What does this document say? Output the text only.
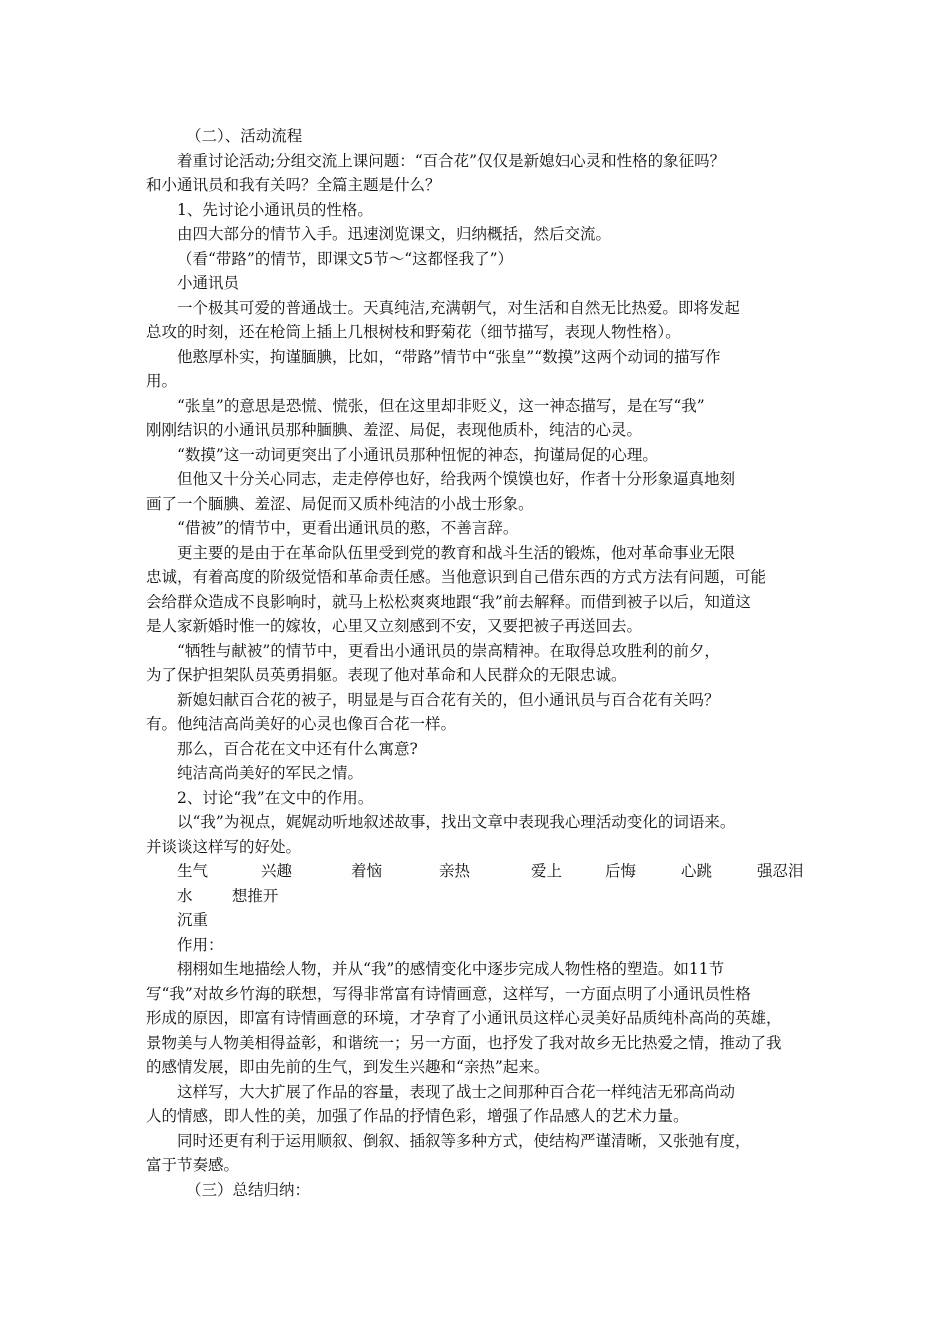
（二）、活动流程
着重讨论活动;分组交流上课问题：“百合花”仅仅是新媳妇心灵和性格的象征吗？
和小通讯员和我有关吗？全篇主题是什么？
1、先讨论小通讯员的性格。
由四大部分的情节入手。迅速浏览课文，归纳概括，然后交流。
（看“带路”的情节，即课文5节～“这都怪我了”）
小通讯员
一个极其可爱的普通战士。天真纯洁,充满朝气，对生活和自然无比热爱。即将发起
总攻的时刻，还在枪筒上插上几根树枝和野菊花（细节描写，表现人物性格）。
他憨厚朴实，拘谨腼腆，比如，“带路”情节中“张皇”“数摸”这两个动词的描写作
用。
“张皇”的意思是恐慌、慌张，但在这里却非贬义，这一神态描写，是在写“我”
刚刚结识的小通讯员那种腼腆、羞涩、局促，表现他质朴，纯洁的心灵。
“数摸”这一动词更突出了小通讯员那种忸怩的神态，拘谨局促的心理。
但他又十分关心同志，走走停停也好，给我两个馍馍也好，作者十分形象逼真地刻
画了一个腼腆、羞涩、局促而又质朴纯洁的小战士形象。
“借被”的情节中，更看出通讯员的憨，不善言辞。
更主要的是由于在革命队伍里受到党的教育和战斗生活的锻炼，他对革命事业无限
忠诚，有着高度的阶级觉悟和革命责任感。当他意识到自己借东西的方式方法有问题，可能
会给群众造成不良影响时，就马上松松爽爽地跟“我”前去解释。而借到被子以后，知道这
是人家新婚时惟一的嫁妆，心里又立刻感到不安，又要把被子再送回去。
“牺牲与献被”的情节中，更看出小通讯员的崇高精神。在取得总攻胜利的前夕，
为了保护担架队员英勇捐躯。表现了他对革命和人民群众的无限忠诚。
新媳妇献百合花的被子，明显是与百合花有关的，但小通讯员与百合花有关吗？
有。他纯洁高尚美好的心灵也像百合花一样。
那么，百合花在文中还有什么寓意?
纯洁高尚美好的军民之情。
2、讨论“我”在文中的作用。
以“我”为视点，娓娓动听地叙述故事，找出文章中表现我心理活动变化的词语来。
并谈谈这样写的好处。
生气	兴趣	着恼	亲热	爱上	后悔	心跳	强忍泪
水        想推开
沉重
作用：
栩栩如生地描绘人物，并从“我”的感情变化中逐步完成人物性格的塑造。如11节
写“我”对故乡竹海的联想，写得非常富有诗情画意，这样写，一方面点明了小通讯员性格
形成的原因，即富有诗情画意的环境，才孕育了小通讯员这样心灵美好品质纯朴高尚的英雄，
景物美与人物美相得益彰，和谐统一；另一方面，也抒发了我对故乡无比热爱之情，推动了我
的感情发展，即由先前的生气，到发生兴趣和“亲热”起来。
这样写，大大扩展了作品的容量，表现了战士之间那种百合花一样纯洁无邪高尚动
人的情感，即人性的美，加强了作品的抒情色彩，增强了作品感人的艺术力量。
同时还更有利于运用顺叙、倒叙、插叙等多种方式，使结构严谨清晰，又张弛有度，
富于节奏感。
（三）总结归纳：
